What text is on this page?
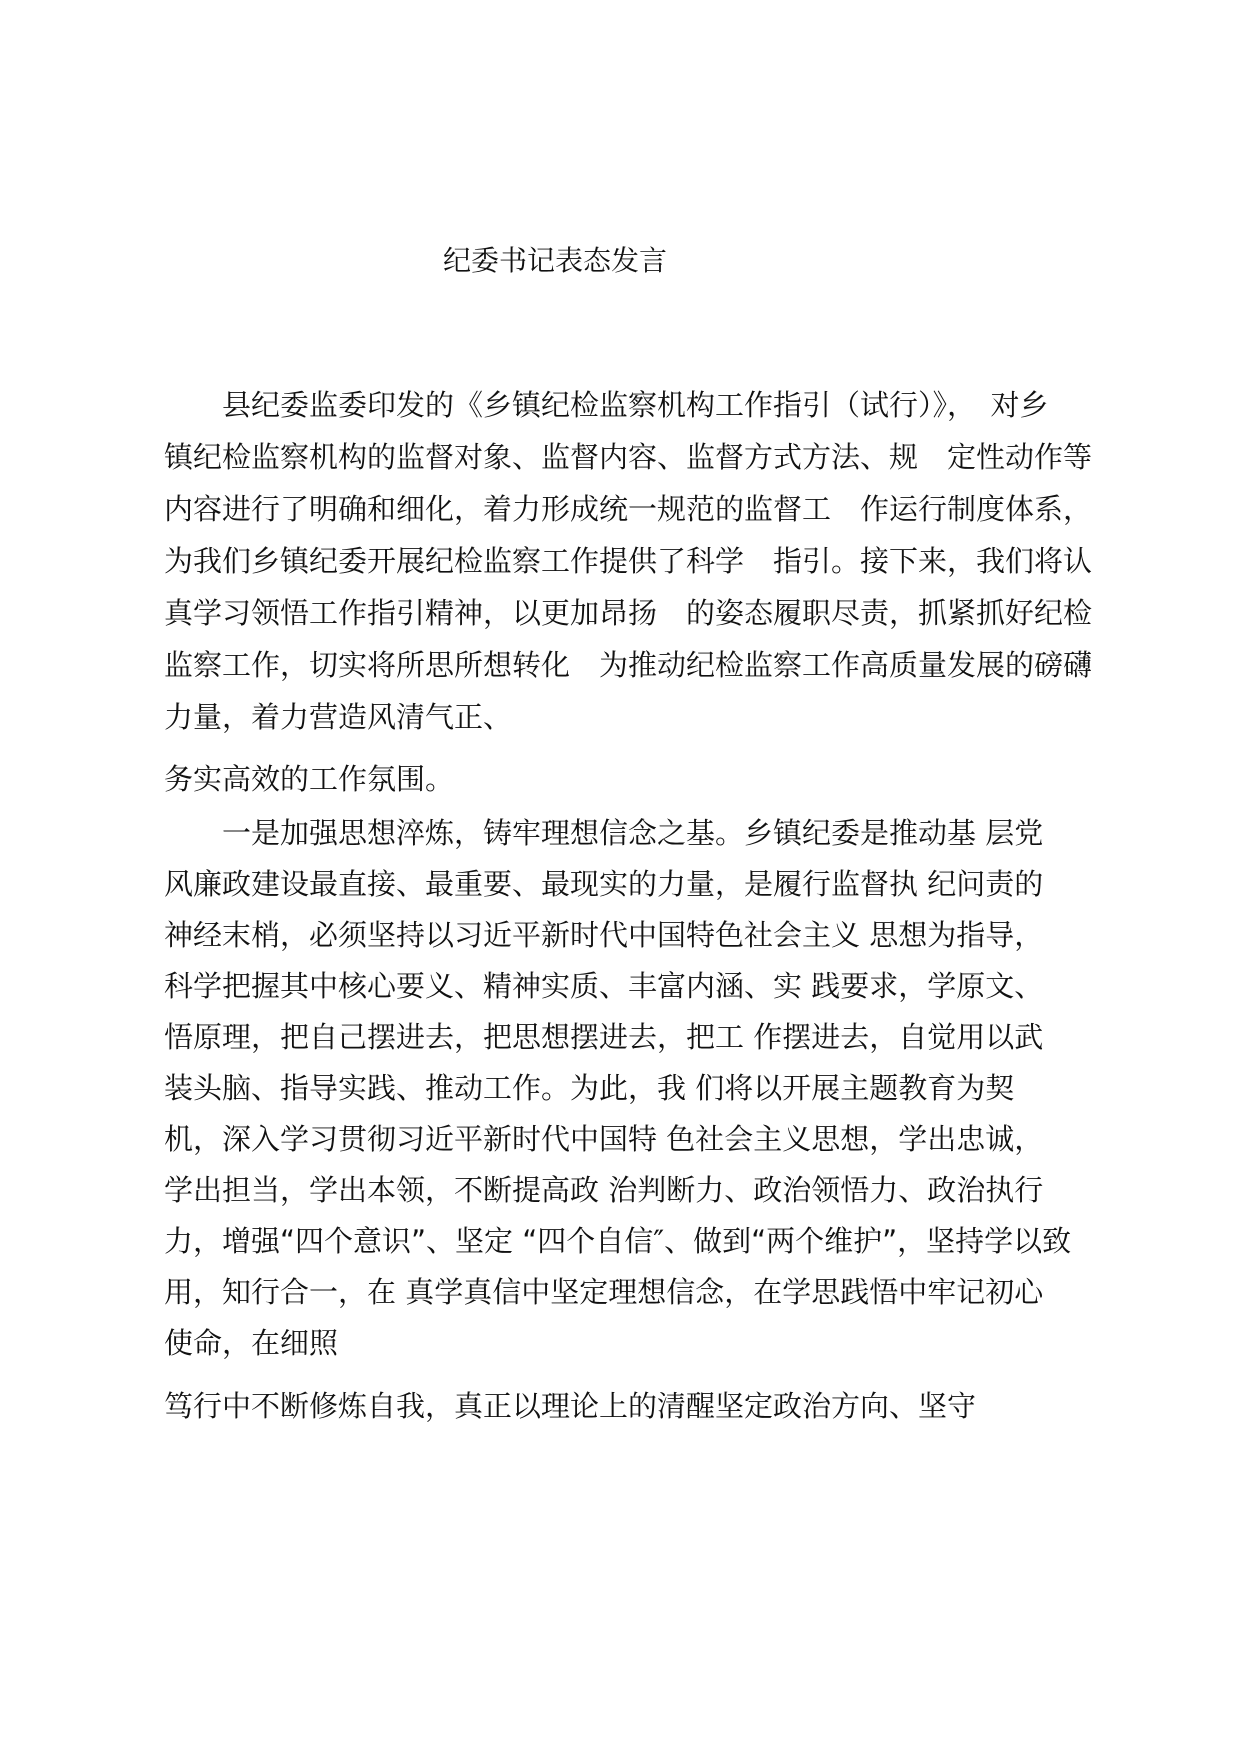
纪委书记表态发言
　　县纪委监委印发的《乡镇纪检监察机构工作指引（试行）》，　对乡
镇纪检监察机构的监督对象、监督内容、监督方式方法、规　定性动作等
内容进行了明确和细化，着力形成统一规范的监督工　作运行制度体系，
为我们乡镇纪委开展纪检监察工作提供了科学　指引。接下来，我们将认
真学习领悟工作指引精神，以更加昂扬　的姿态履职尽责，抓紧抓好纪检
监察工作，切实将所思所想转化　为推动纪检监察工作高质量发展的磅礴
力量，着力营造风清气正、
务实高效的工作氛围。
　　一是加强思想淬炼，铸牢理想信念之基。乡镇纪委是推动基 层党
风廉政建设最直接、最重要、最现实的力量，是履行监督执 纪问责的
神经末梢，必须坚持以习近平新时代中国特色社会主义 思想为指导，
科学把握其中核心要义、精神实质、丰富内涵、实 践要求，学原文、
悟原理，把自己摆进去，把思想摆进去，把工 作摆进去，自觉用以武
装头脑、指导实践、推动工作。为此，我 们将以开展主题教育为契
机，深入学习贯彻习近平新时代中国特 色社会主义思想，学出忠诚，
学出担当，学出本领，不断提高政 治判断力、政治领悟力、政治执行
力，增强“四个意识”、坚定 “四个自信″、做到“两个维护”，坚持学以致
用，知行合一，在 真学真信中坚定理想信念，在学思践悟中牢记初心
使命，在细照
笃行中不断修炼自我，真正以理论上的清醒坚定政治方向、坚守
